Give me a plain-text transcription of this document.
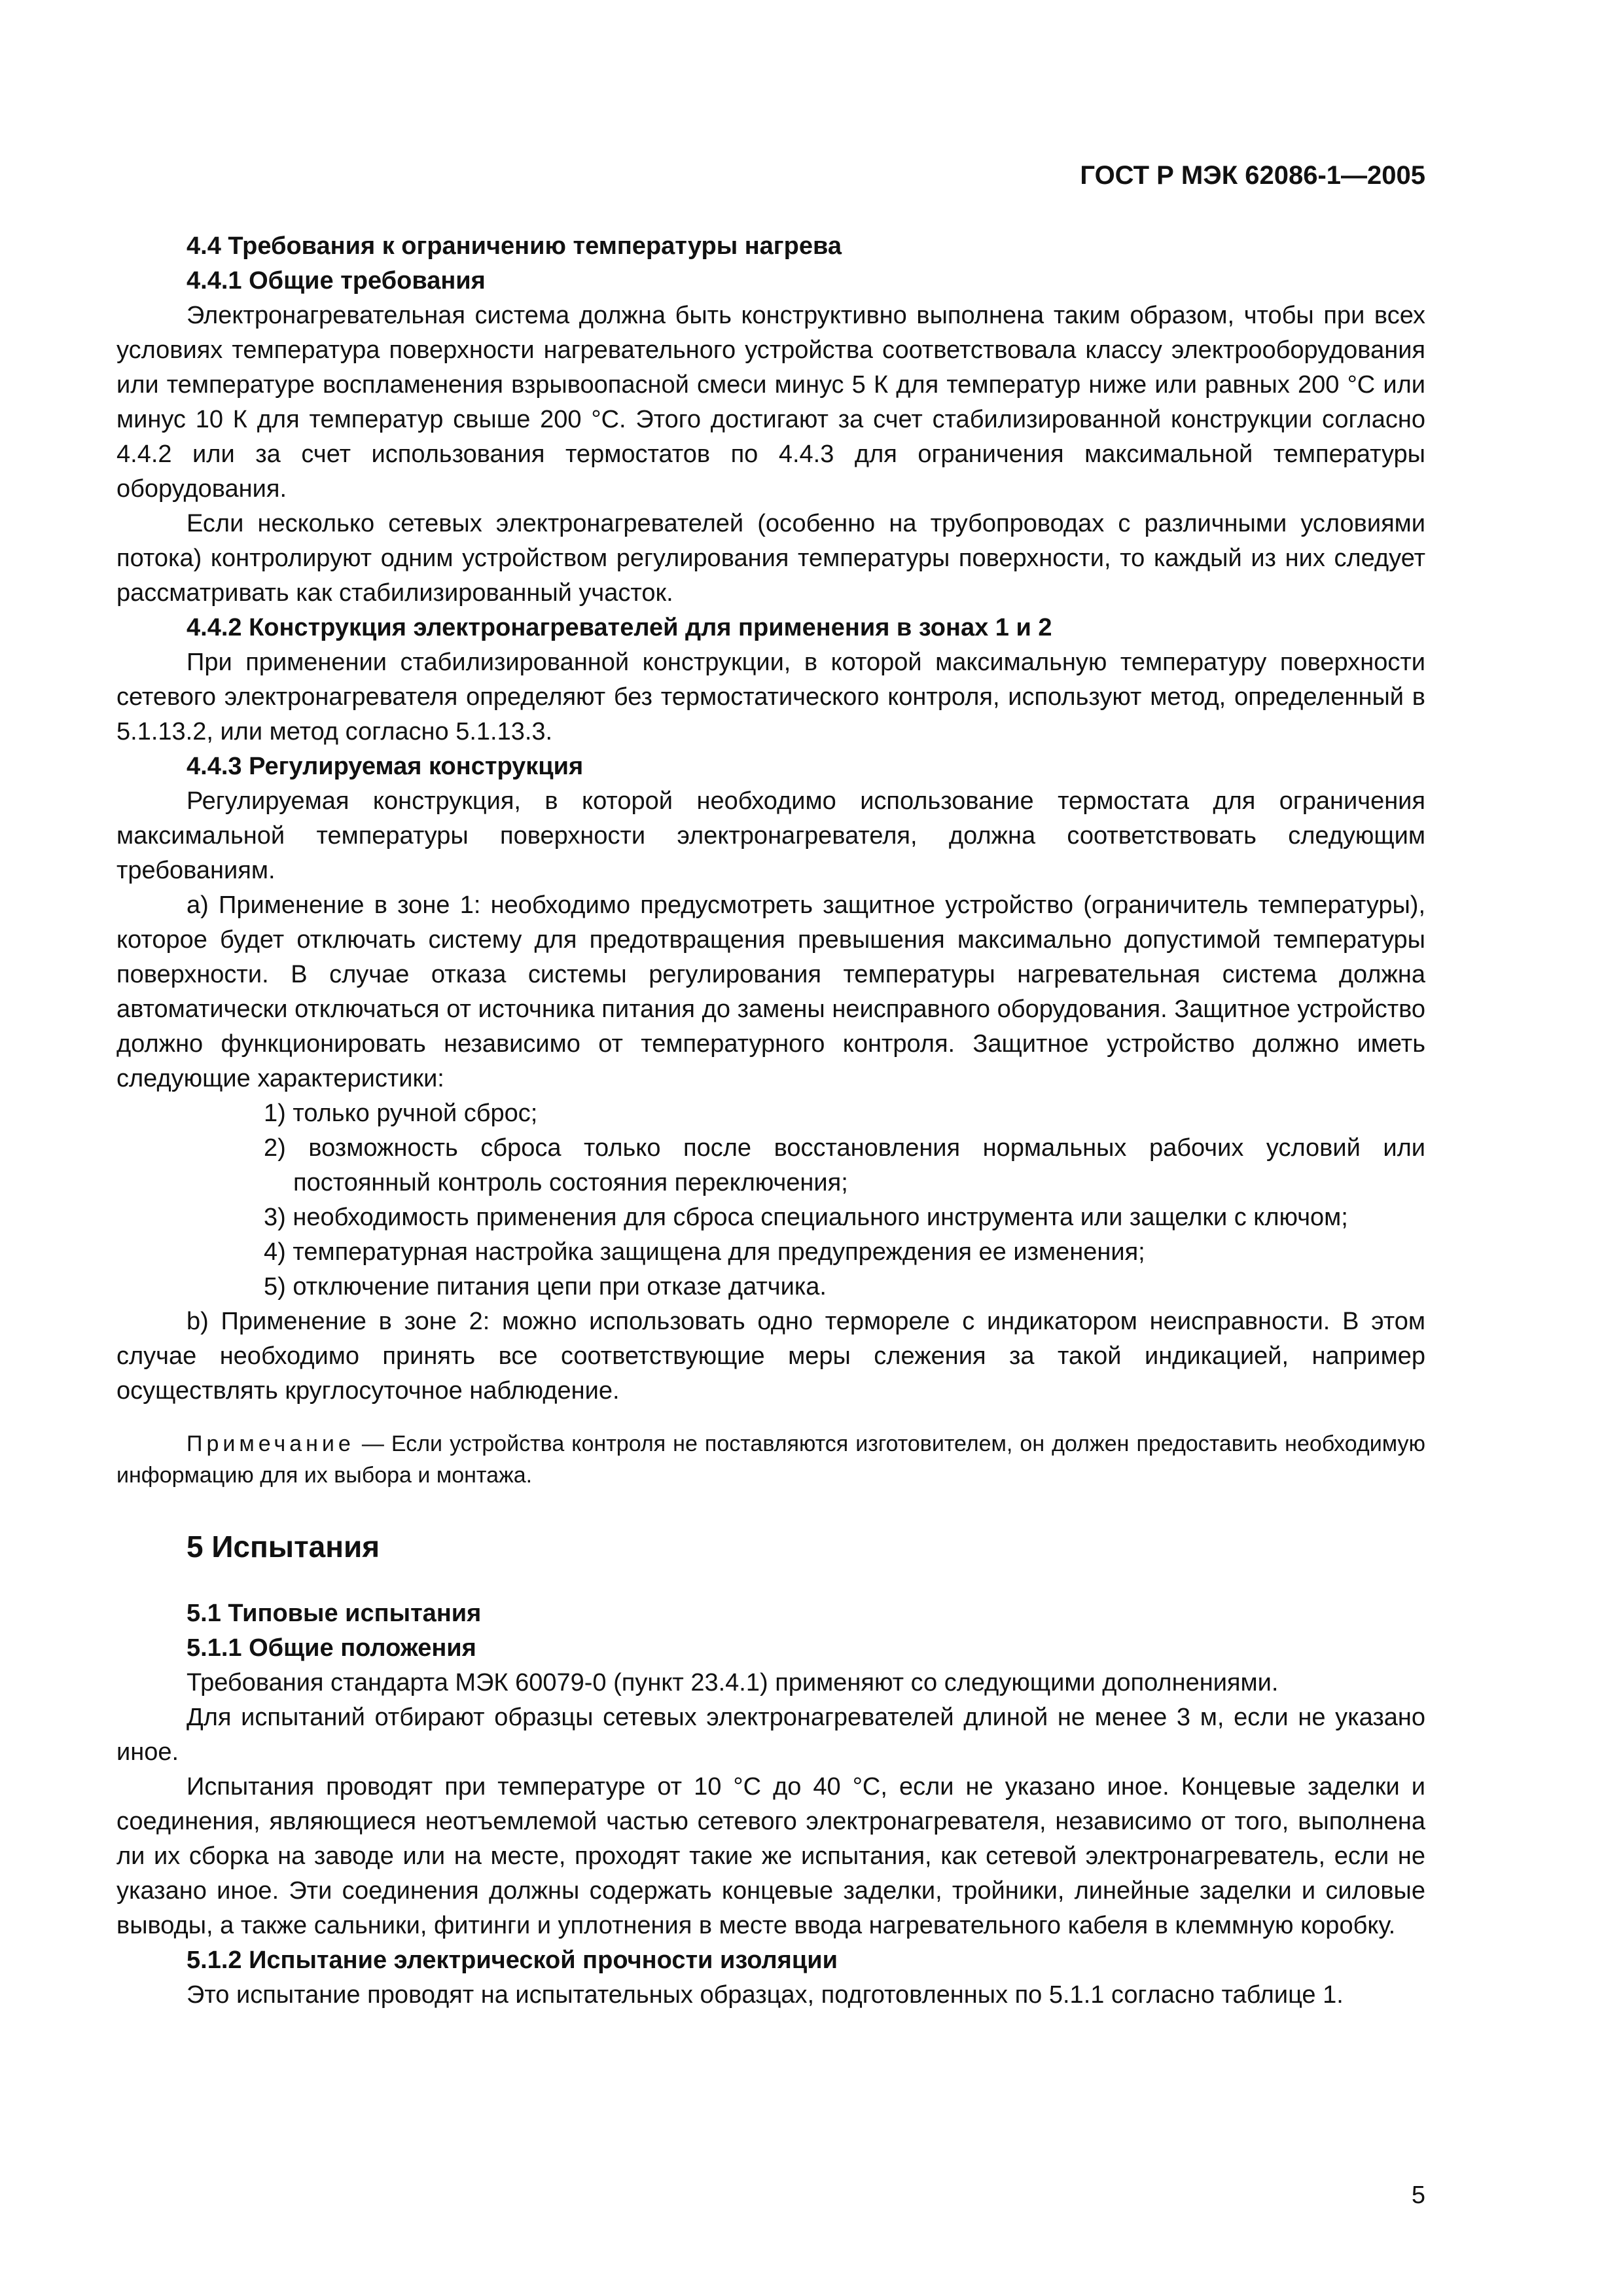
ГОСТ Р МЭК 62086-1—2005

4.4 Требования к ограничению температуры нагрева

4.4.1 Общие требования

Электронагревательная система должна быть конструктивно выполнена таким образом, чтобы при всех условиях температура поверхности нагревательного устройства соответствовала классу электрооборудования или температуре воспламенения взрывоопасной смеси минус 5 К для температур ниже или равных 200 °С или минус 10 К для температур свыше 200 °С. Этого достигают за счет стабилизированной конструкции согласно 4.4.2 или за счет использования термостатов по 4.4.3 для ограничения максимальной температуры оборудования.

Если несколько сетевых электронагревателей (особенно на трубопроводах с различными условиями потока) контролируют одним устройством регулирования температуры поверхности, то каждый из них следует рассматривать как стабилизированный участок.

4.4.2 Конструкция электронагревателей для применения в зонах 1 и 2

При применении стабилизированной конструкции, в которой максимальную температуру поверхности сетевого электронагревателя определяют без термостатического контроля, используют метод, определенный в 5.1.13.2, или метод согласно 5.1.13.3.

4.4.3 Регулируемая конструкция

Регулируемая конструкция, в которой необходимо использование термостата для ограничения максимальной температуры поверхности электронагревателя, должна соответствовать следующим требованиям.

а) Применение в зоне 1: необходимо предусмотреть защитное устройство (ограничитель температуры), которое будет отключать систему для предотвращения превышения максимально допустимой температуры поверхности. В случае отказа системы регулирования температуры нагревательная система должна автоматически отключаться от источника питания до замены неисправного оборудования. Защитное устройство должно функционировать независимо от температурного контроля. Защитное устройство должно иметь следующие характеристики:

1) только ручной сброс;

2) возможность сброса только после восстановления нормальных рабочих условий или постоянный контроль состояния переключения;

3) необходимость применения для сброса специального инструмента или защелки с ключом;

4) температурная настройка защищена для предупреждения ее изменения;

5) отключение питания цепи при отказе датчика.

b) Применение в зоне 2: можно использовать одно термореле с индикатором неисправности. В этом случае необходимо принять все соответствующие меры слежения за такой индикацией, например осуществлять круглосуточное наблюдение.

Примечание — Если устройства контроля не поставляются изготовителем, он должен предоставить необходимую информацию для их выбора и монтажа.

5 Испытания

5.1 Типовые испытания

5.1.1 Общие положения

Требования стандарта МЭК 60079-0 (пункт 23.4.1) применяют со следующими дополнениями.

Для испытаний отбирают образцы сетевых электронагревателей длиной не менее 3 м, если не указано иное.

Испытания проводят при температуре от 10 °С до 40 °С, если не указано иное. Концевые заделки и соединения, являющиеся неотъемлемой частью сетевого электронагревателя, независимо от того, выполнена ли их сборка на заводе или на месте, проходят такие же испытания, как сетевой электронагреватель, если не указано иное. Эти соединения должны содержать концевые заделки, тройники, линейные заделки и силовые выводы, а также сальники, фитинги и уплотнения в месте ввода нагревательного кабеля в клеммную коробку.

5.1.2 Испытание электрической прочности изоляции

Это испытание проводят на испытательных образцах, подготовленных по 5.1.1 согласно таблице 1.

5
